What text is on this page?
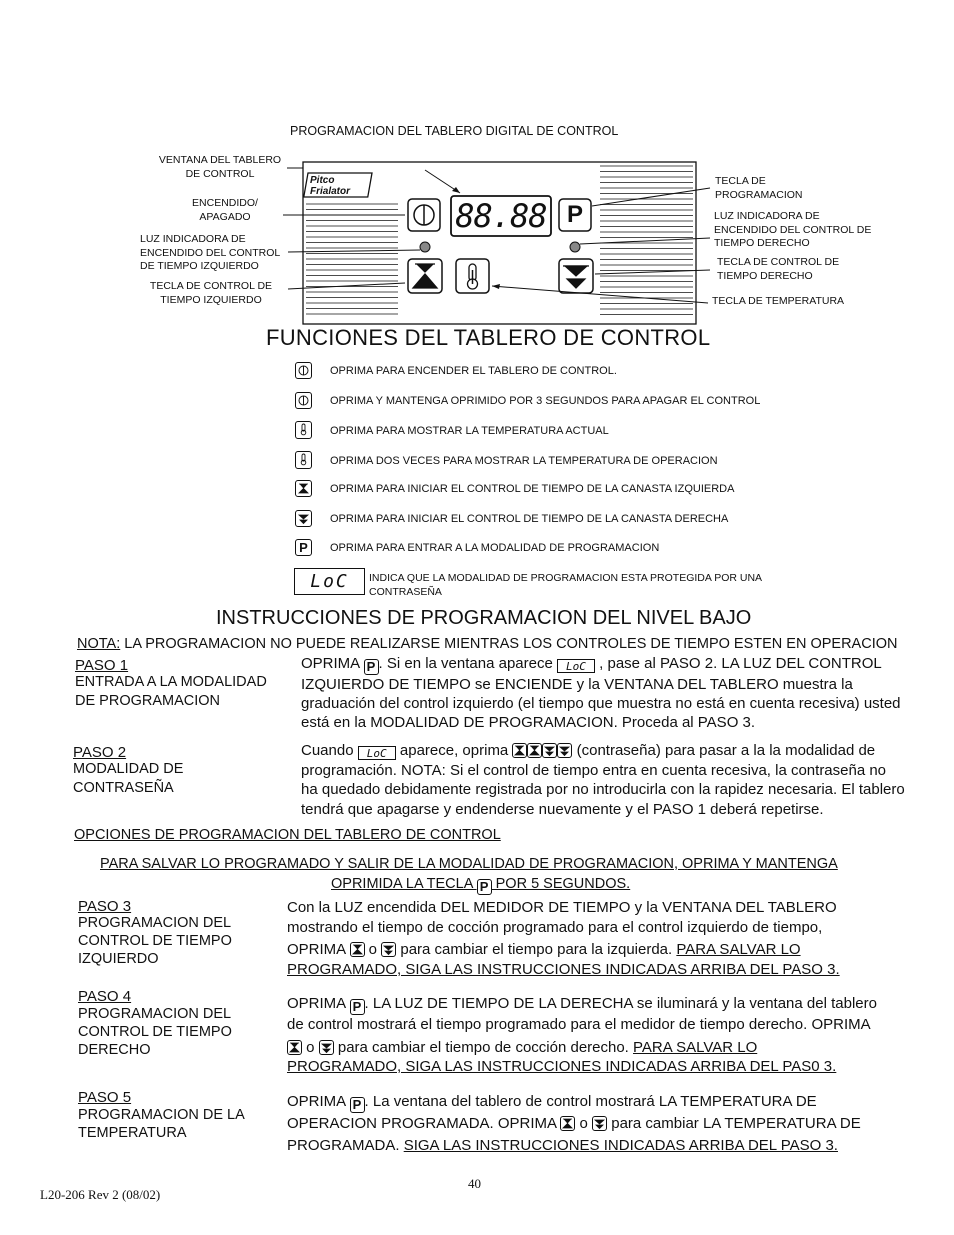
PROGRAMACION DEL TABLERO DIGITAL DE CONTROL
Pitco
Frialator
88.88 P
VENTANA DEL TABLERO DE CONTROL
ENCENDIDO/ APAGADO
LUZ INDICADORA DE ENCENDIDO DEL CONTROL DE TIEMPO IZQUIERDO
TECLA DE CONTROL DE TIEMPO IZQUIERDO
TECLA DE PROGRAMACION
LUZ INDICADORA DE ENCENDIDO DEL CONTROL DE TIEMPO DERECHO
TECLA DE CONTROL DE TIEMPO DERECHO
TECLA DE TEMPERATURA
FUNCIONES DEL TABLERO DE CONTROL
OPRIMA PARA ENCENDER EL TABLERO DE CONTROL.
OPRIMA Y MANTENGA OPRIMIDO POR 3 SEGUNDOS PARA APAGAR EL CONTROL
OPRIMA PARA MOSTRAR LA TEMPERATURA ACTUAL
OPRIMA DOS VECES PARA MOSTRAR LA TEMPERATURA DE OPERACION
OPRIMA PARA INICIAR EL CONTROL DE TIEMPO DE LA CANASTA IZQUIERDA
OPRIMA PARA INICIAR EL CONTROL DE TIEMPO DE LA CANASTA DERECHA
P	OPRIMA PARA ENTRAR A LA MODALIDAD DE PROGRAMACION
LoC	INDICA QUE LA MODALIDAD DE PROGRAMACION ESTA PROTEGIDA POR UNA CONTRASEÑA
INSTRUCCIONES DE PROGRAMACION DEL NIVEL BAJO
NOTA: LA PROGRAMACION NO PUEDE REALIZARSE MIENTRAS LOS CONTROLES DE TIEMPO ESTEN EN OPERACION
PASO 1
ENTRADA A LA MODALIDAD DE PROGRAMACION
OPRIMA P . Si en la ventana aparece LoC , pase al PASO 2. LA LUZ DEL CONTROL
IZQUIERDO DE TIEMPO se ENCIENDE y la VENTANA DEL TABLERO muestra la
graduación del control izquierdo (el tiempo que muestra no está en cuenta recesiva) usted
está en la MODALIDAD DE PROGRAMACION. Proceda al PASO 3.
PASO 2
MODALIDAD DE CONTRASEÑA
Cuando LoC aparece, oprima	(contraseña) para pasar a la la modalidad de
programación. NOTA: Si el control de tiempo entra en cuenta recesiva, la contraseña no
ha quedado debidamente registrada por no introducirla con la rapidez necesaria. El tablero
tendrá que apagarse y endenderse nuevamente y el PASO 1 deberá repetirse.
OPCIONES DE PROGRAMACION DEL TABLERO DE CONTROL
PARA SALVAR LO PROGRAMADO Y SALIR DE LA MODALIDAD DE PROGRAMACION, OPRIMA Y MANTENGA
OPRIMIDA LA TECLA P POR 5 SEGUNDOS.
PASO 3
PROGRAMACION DEL CONTROL DE TIEMPO IZQUIERDO
Con la LUZ encendida DEL MEDIDOR DE TIEMPO y la VENTANA DEL TABLERO
mostrando el tiempo de cocción programado para el control izquierdo de tiempo,
OPRIMA
o
para cambiar el tiempo para la izquierda. PARA SALVAR LO
PROGRAMADO, SIGA LAS INSTRUCCIONES INDICADAS ARRIBA DEL PASO 3.
PASO 4
PROGRAMACION DEL CONTROL DE TIEMPO DERECHO
OPRIMA P . LA LUZ DE TIEMPO DE LA DERECHA se iluminará y la ventana del tablero
de control mostrará el tiempo programado para el medidor de tiempo derecho. OPRIMA
o
para cambiar el tiempo de cocción derecho. PARA SALVAR LO
PROGRAMADO, SIGA LAS INSTRUCCIONES INDICADAS ARRIBA DEL PAS0 3.
PASO 5
PROGRAMACION DE LA TEMPERATURA
OPRIMA P . La ventana del tablero de control mostrará LA TEMPERATURA DE
OPERACION PROGRAMADA. OPRIMA
o
para cambiar LA TEMPERATURA DE
PROGRAMADA. SIGA LAS INSTRUCCIONES INDICADAS ARRIBA DEL PASO 3.
40
L20-206 Rev 2 (08/02)
